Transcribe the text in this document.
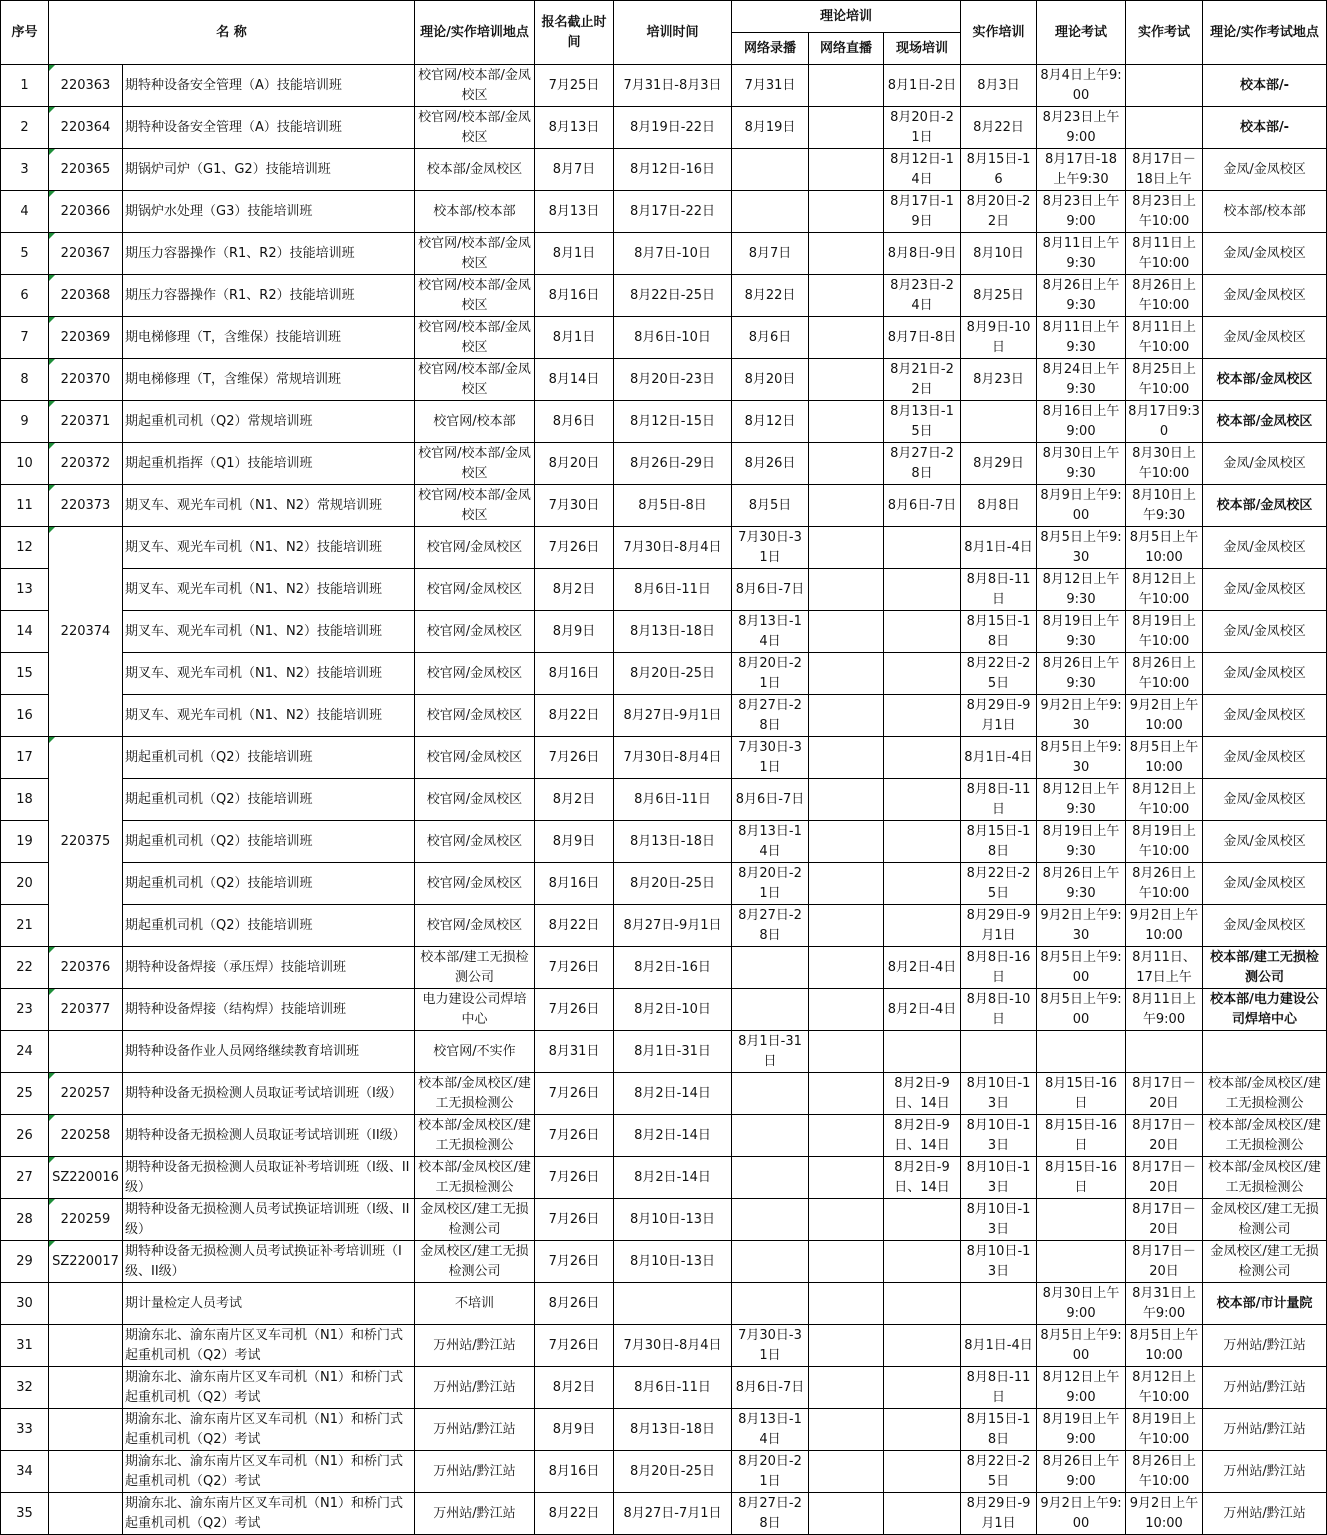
序号	名 称		理论/实作培训地点	报名截止时间	培训时间	理论培训			实作培训	理论考试	实作考试	理论/实作考试地点
						网络录播	网络直播	现场培训				
1	220363	期特种设备安全管理（A）技能培训班	校官网/校本部/金凤校区	7月25日	7月31日-8月3日	7月31日		8月1日-2日	8月3日	8月4日上午9:00		校本部/-
2	220364	期特种设备安全管理（A）技能培训班	校官网/校本部/金凤校区	8月13日	8月19日-22日	8月19日		8月20日-21日	8月22日	8月23日上午9:00		校本部/-
3	220365	期锅炉司炉（G1、G2）技能培训班	校本部/金凤校区	8月7日	8月12日-16日			8月12日-14日	8月15日-16	8月17日-18上午9:30	8月17日－18日上午	金凤/金凤校区
4	220366	期锅炉水处理（G3）技能培训班	校本部/校本部	8月13日	8月17日-22日			8月17日-19日	8月20日-22日	8月23日上午9:00	8月23日上午10:00	校本部/校本部
5	220367	期压力容器操作（R1、R2）技能培训班	校官网/校本部/金凤校区	8月1日	8月7日-10日	8月7日		8月8日-9日	8月10日	8月11日上午9:30	8月11日上午10:00	金凤/金凤校区
6	220368	期压力容器操作（R1、R2）技能培训班	校官网/校本部/金凤校区	8月16日	8月22日-25日	8月22日		8月23日-24日	8月25日	8月26日上午9:30	8月26日上午10:00	金凤/金凤校区
7	220369	期电梯修理（T，含维保）技能培训班	校官网/校本部/金凤校区	8月1日	8月6日-10日	8月6日		8月7日-8日	8月9日-10日	8月11日上午9:30	8月11日上午10:00	金凤/金凤校区
8	220370	期电梯修理（T，含维保）常规培训班	校官网/校本部/金凤校区	8月14日	8月20日-23日	8月20日		8月21日-22日	8月23日	8月24日上午9:30	8月25日上午10:00	校本部/金凤校区
9	220371	期起重机司机（Q2）常规培训班	校官网/校本部	8月6日	8月12日-15日	8月12日		8月13日-15日		8月16日上午9:00	8月17日9:30	校本部/金凤校区
10	220372	期起重机指挥（Q1）技能培训班	校官网/校本部/金凤校区	8月20日	8月26日-29日	8月26日		8月27日-28日	8月29日	8月30日上午9:30	8月30日上午10:00	金凤/金凤校区
11	220373	期叉车、观光车司机（N1、N2）常规培训班	校官网/校本部/金凤校区	7月30日	8月5日-8日	8月5日		8月6日-7日	8月8日	8月9日上午9:00	8月10日上午9:30	校本部/金凤校区
12	220374	期叉车、观光车司机（N1、N2）技能培训班	校官网/金凤校区	7月26日	7月30日-8月4日	7月30日-31日			8月1日-4日	8月5日上午9:30	8月5日上午10:00	金凤/金凤校区
13		期叉车、观光车司机（N1、N2）技能培训班	校官网/金凤校区	8月2日	8月6日-11日	8月6日-7日			8月8日-11日	8月12日上午9:30	8月12日上午10:00	金凤/金凤校区
14		期叉车、观光车司机（N1、N2）技能培训班	校官网/金凤校区	8月9日	8月13日-18日	8月13日-14日			8月15日-18日	8月19日上午9:30	8月19日上午10:00	金凤/金凤校区
15		期叉车、观光车司机（N1、N2）技能培训班	校官网/金凤校区	8月16日	8月20日-25日	8月20日-21日			8月22日-25日	8月26日上午9:30	8月26日上午10:00	金凤/金凤校区
16		期叉车、观光车司机（N1、N2）技能培训班	校官网/金凤校区	8月22日	8月27日-9月1日	8月27日-28日			8月29日-9月1日	9月2日上午9:30	9月2日上午10:00	金凤/金凤校区
17	220375	期起重机司机（Q2）技能培训班	校官网/金凤校区	7月26日	7月30日-8月4日	7月30日-31日			8月1日-4日	8月5日上午9:30	8月5日上午10:00	金凤/金凤校区
18		期起重机司机（Q2）技能培训班	校官网/金凤校区	8月2日	8月6日-11日	8月6日-7日			8月8日-11日	8月12日上午9:30	8月12日上午10:00	金凤/金凤校区
19		期起重机司机（Q2）技能培训班	校官网/金凤校区	8月9日	8月13日-18日	8月13日-14日			8月15日-18日	8月19日上午9:30	8月19日上午10:00	金凤/金凤校区
20		期起重机司机（Q2）技能培训班	校官网/金凤校区	8月16日	8月20日-25日	8月20日-21日			8月22日-25日	8月26日上午9:30	8月26日上午10:00	金凤/金凤校区
21		期起重机司机（Q2）技能培训班	校官网/金凤校区	8月22日	8月27日-9月1日	8月27日-28日			8月29日-9月1日	9月2日上午9:30	9月2日上午10:00	金凤/金凤校区
22	220376	期特种设备焊接（承压焊）技能培训班	校本部/建工无损检测公司	7月26日	8月2日-16日			8月2日-4日	8月8日-16日	8月5日上午9:00	8月11日、17日上午	校本部/建工无损检测公司
23	220377	期特种设备焊接（结构焊）技能培训班	电力建设公司焊培中心	7月26日	8月2日-10日			8月2日-4日	8月8日-10日	8月5日上午9:00	8月11日上午9:00	校本部/电力建设公司焊培中心
24		期特种设备作业人员网络继续教育培训班	校官网/不实作	8月31日	8月1日-31日	8月1日-31日						
25	220257	期特种设备无损检测人员取证考试培训班（I级）	校本部/金凤校区/建工无损检测公	7月26日	8月2日-14日			8月2日-9日、14日	8月10日-13日	8月15日-16日	8月17日－20日	校本部/金凤校区/建工无损检测公
26	220258	期特种设备无损检测人员取证考试培训班（II级）	校本部/金凤校区/建工无损检测公	7月26日	8月2日-14日			8月2日-9日、14日	8月10日-13日	8月15日-16日	8月17日－20日	校本部/金凤校区/建工无损检测公
27	SZ220016	期特种设备无损检测人员取证补考培训班（I级、II级）	校本部/金凤校区/建工无损检测公	7月26日	8月2日-14日			8月2日-9日、14日	8月10日-13日	8月15日-16日	8月17日－20日	校本部/金凤校区/建工无损检测公
28	220259	期特种设备无损检测人员考试换证培训班（I级、II级）	金凤校区/建工无损检测公司	7月26日	8月10日-13日				8月10日-13日		8月17日－20日	金凤校区/建工无损检测公司
29	SZ220017	期特种设备无损检测人员考试换证补考培训班（I级、II级）	金凤校区/建工无损检测公司	7月26日	8月10日-13日				8月10日-13日		8月17日－20日	金凤校区/建工无损检测公司
30		期计量检定人员考试	不培训	8月26日						8月30日上午9:00	8月31日上午9:00	校本部/市计量院
31		期渝东北、渝东南片区叉车司机（N1）和桥门式起重机司机（Q2）考试	万州站/黔江站	7月26日	7月30日-8月4日	7月30日-31日			8月1日-4日	8月5日上午9:00	8月5日上午10:00	万州站/黔江站
32		期渝东北、渝东南片区叉车司机（N1）和桥门式起重机司机（Q2）考试	万州站/黔江站	8月2日	8月6日-11日	8月6日-7日			8月8日-11日	8月12日上午9:00	8月12日上午10:00	万州站/黔江站
33		期渝东北、渝东南片区叉车司机（N1）和桥门式起重机司机（Q2）考试	万州站/黔江站	8月9日	8月13日-18日	8月13日-14日			8月15日-18日	8月19日上午9:00	8月19日上午10:00	万州站/黔江站
34		期渝东北、渝东南片区叉车司机（N1）和桥门式起重机司机（Q2）考试	万州站/黔江站	8月16日	8月20日-25日	8月20日-21日			8月22日-25日	8月26日上午9:00	8月26日上午10:00	万州站/黔江站
35		期渝东北、渝东南片区叉车司机（N1）和桥门式起重机司机（Q2）考试	万州站/黔江站	8月22日	8月27日-7月1日	8月27日-28日			8月29日-9月1日	9月2日上午9:00	9月2日上午10:00	万州站/黔江站
